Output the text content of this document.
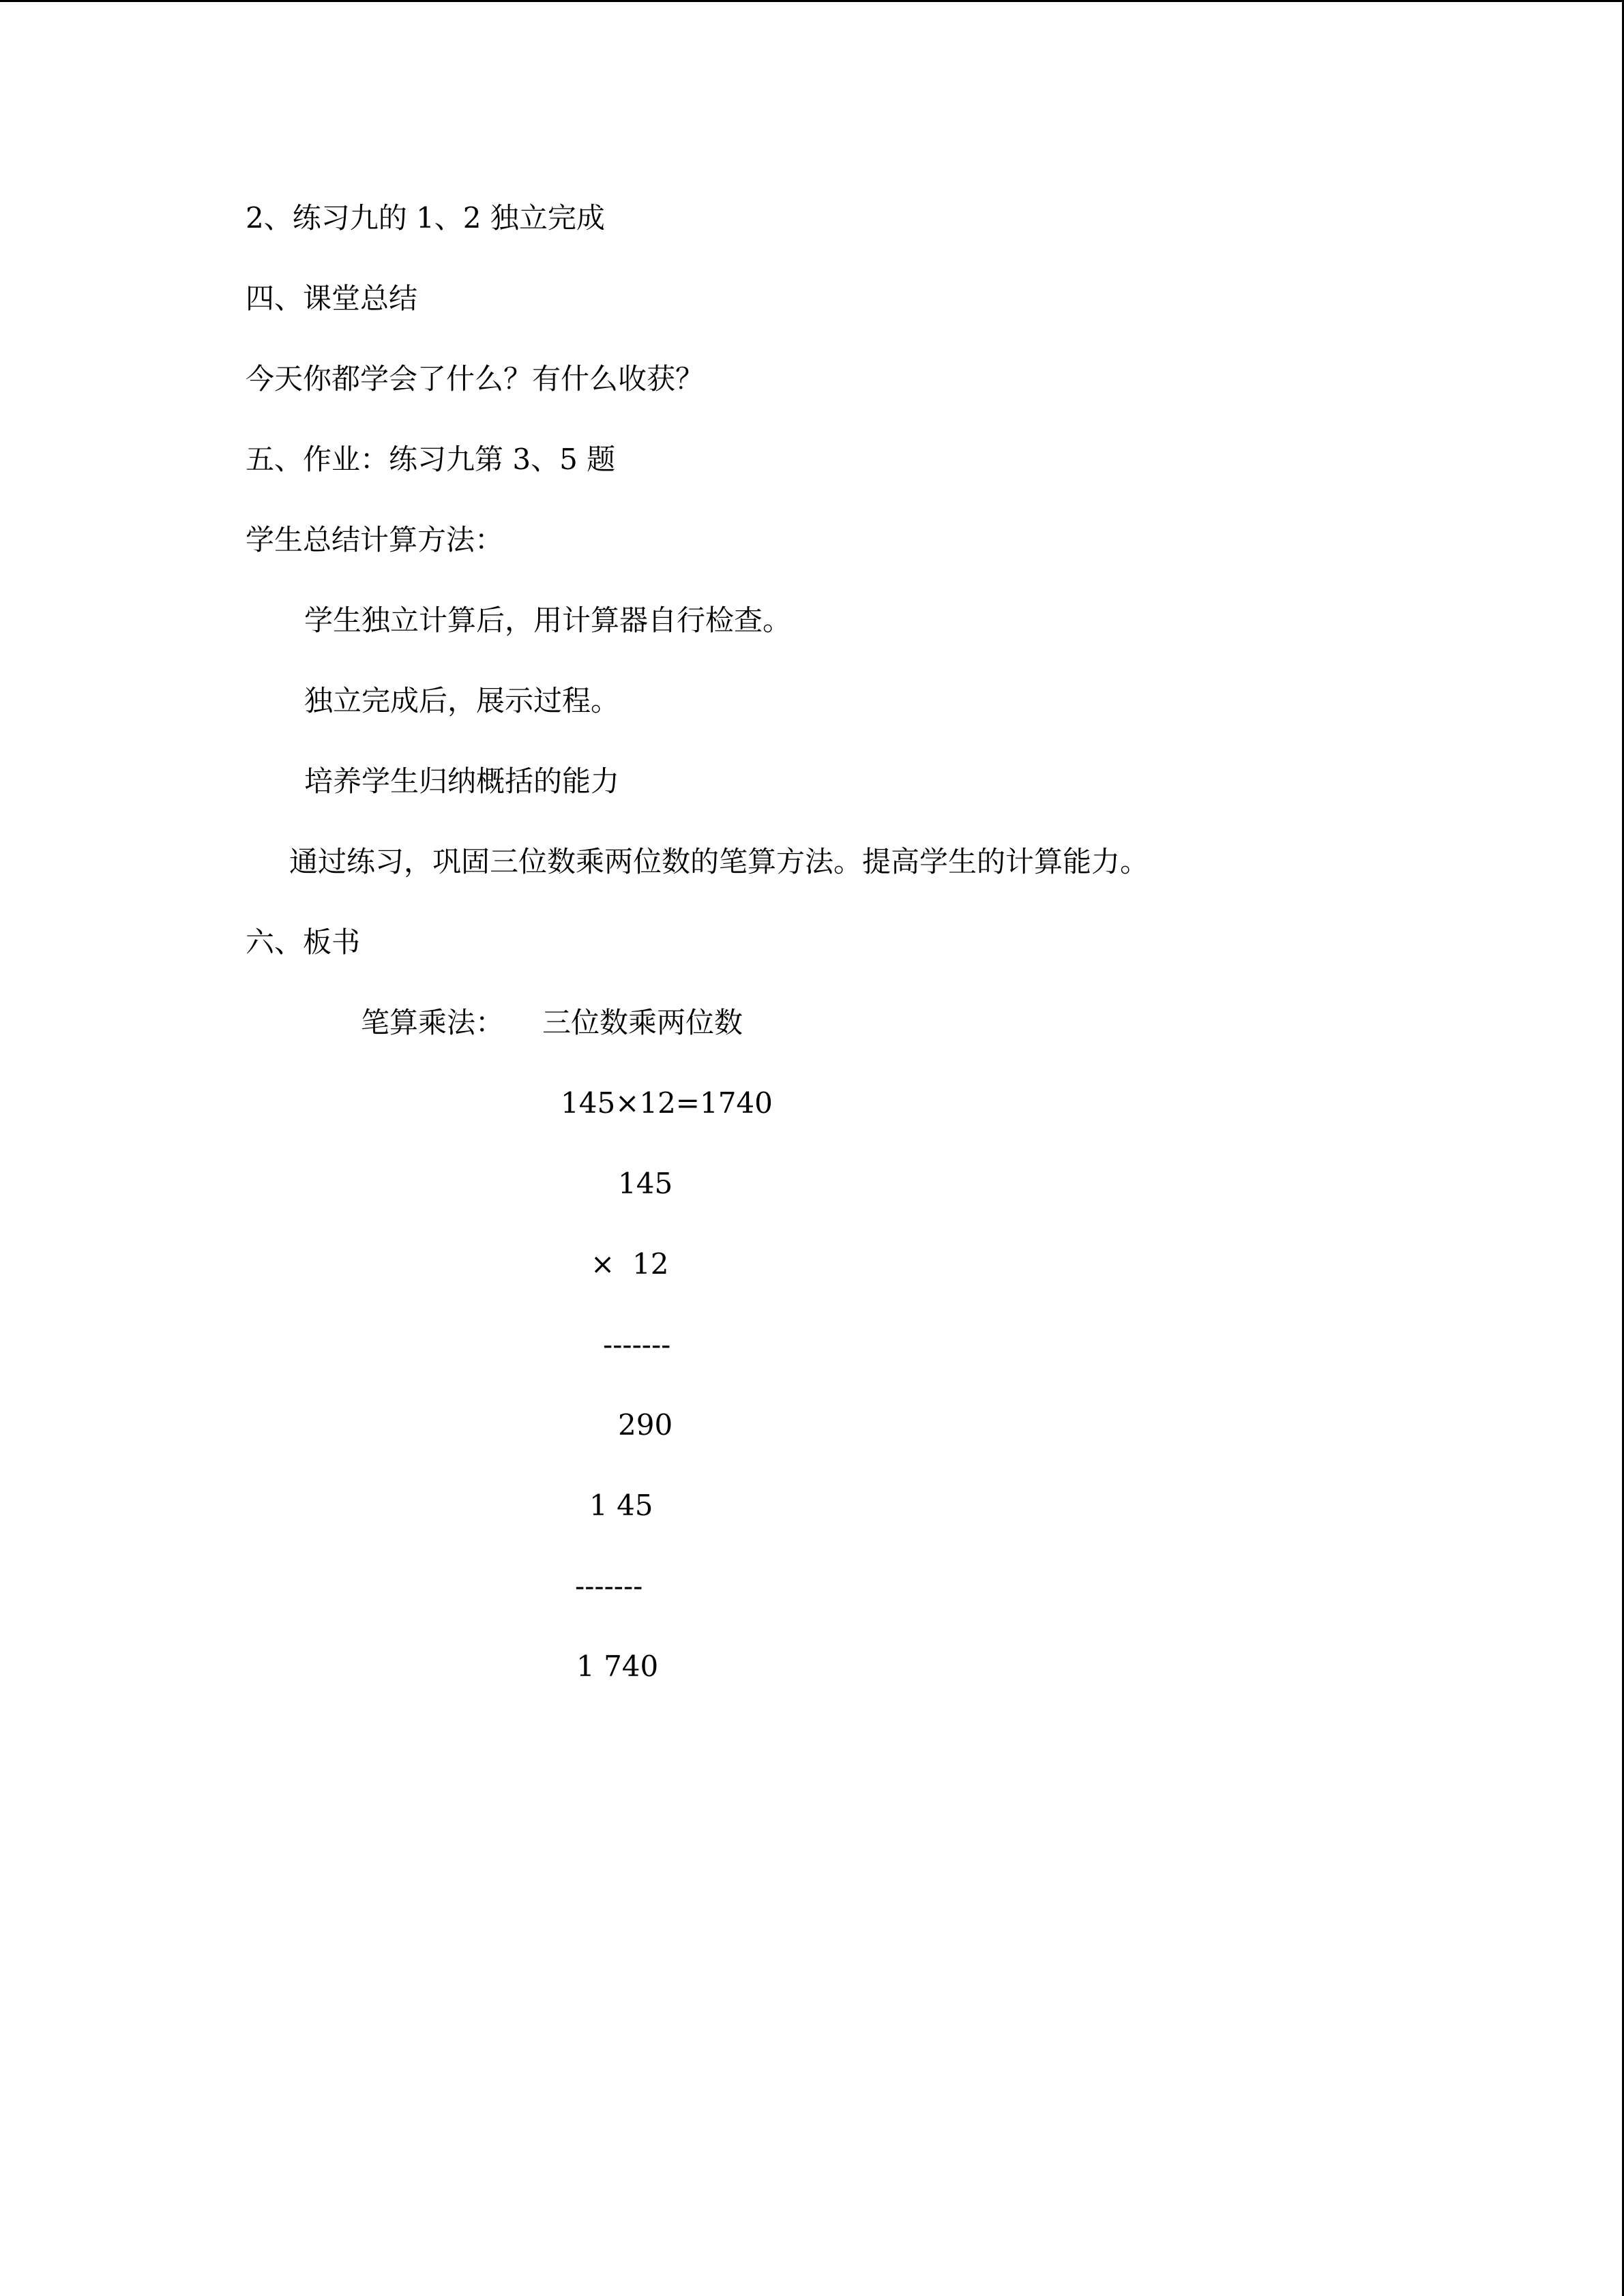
2、练习九的 1、2 独立完成
四、课堂总结
今天你都学会了什么？有什么收获？
五、作业：练习九第 3、5 题
学生总结计算方法：
学生独立计算后，用计算器自行检查。
独立完成后，展示过程。
培养学生归纳概括的能力
通过练习，巩固三位数乘两位数的笔算方法。提高学生的计算能力。
六、板书
笔算乘法： 三位数乘两位数
145×12=1740
145
× 12
-------
290
1 45
-------
1 740
